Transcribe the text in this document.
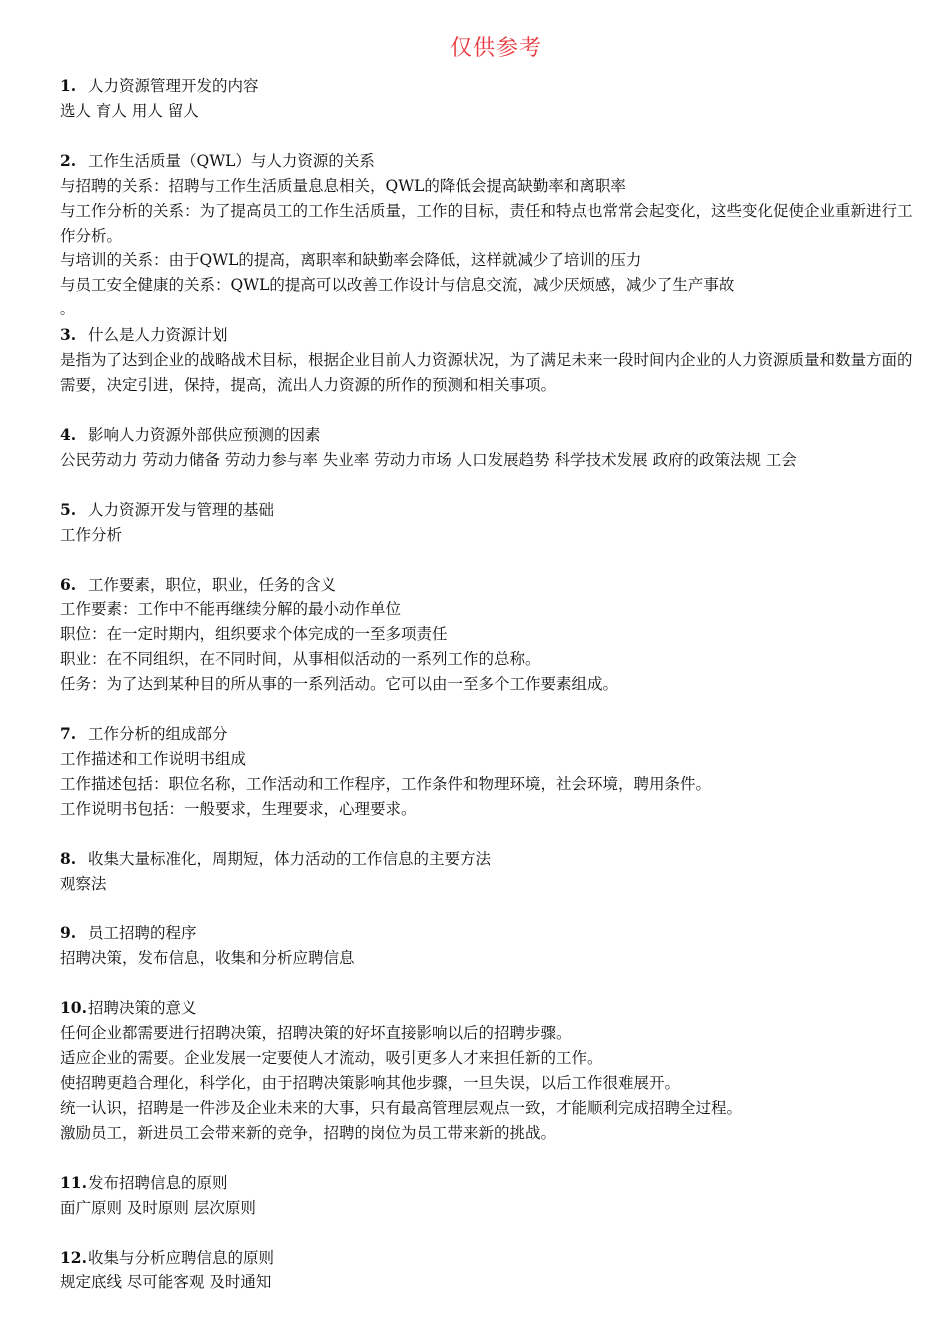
仅供参考
1. 人力资源管理开发的内容
选人 育人 用人 留人
2. 工作生活质量（QWL）与人力资源的关系
与招聘的关系：招聘与工作生活质量息息相关，QWL的降低会提高缺勤率和离职率
与工作分析的关系：为了提高员工的工作生活质量，工作的目标，责任和特点也常常会起变化，这些变化促使企业重新进行工作分析。
与培训的关系：由于QWL的提高，离职率和缺勤率会降低，这样就减少了培训的压力
与员工安全健康的关系：QWL的提高可以改善工作设计与信息交流，减少厌烦感，减少了生产事故
。
3. 什么是人力资源计划
是指为了达到企业的战略战术目标，根据企业目前人力资源状况，为了满足未来一段时间内企业的人力资源质量和数量方面的需要，决定引进，保持，提高，流出人力资源的所作的预测和相关事项。
4. 影响人力资源外部供应预测的因素
公民劳动力 劳动力储备 劳动力参与率 失业率 劳动力市场 人口发展趋势 科学技术发展 政府的政策法规 工会
5. 人力资源开发与管理的基础
工作分析
6. 工作要素，职位，职业，任务的含义
工作要素：工作中不能再继续分解的最小动作单位
职位：在一定时期内，组织要求个体完成的一至多项责任
职业：在不同组织，在不同时间，从事相似活动的一系列工作的总称。
任务：为了达到某种目的所从事的一系列活动。它可以由一至多个工作要素组成。
7. 工作分析的组成部分
工作描述和工作说明书组成
工作描述包括：职位名称，工作活动和工作程序，工作条件和物理环境，社会环境，聘用条件。
工作说明书包括：一般要求，生理要求，心理要求。
8. 收集大量标准化，周期短，体力活动的工作信息的主要方法
观察法
9. 员工招聘的程序
招聘决策，发布信息，收集和分析应聘信息
10.招聘决策的意义
任何企业都需要进行招聘决策，招聘决策的好坏直接影响以后的招聘步骤。
适应企业的需要。企业发展一定要使人才流动，吸引更多人才来担任新的工作。
使招聘更趋合理化，科学化，由于招聘决策影响其他步骤，一旦失误，以后工作很难展开。
统一认识，招聘是一件涉及企业未来的大事，只有最高管理层观点一致，才能顺利完成招聘全过程。
激励员工，新进员工会带来新的竞争，招聘的岗位为员工带来新的挑战。
11.发布招聘信息的原则
面广原则 及时原则 层次原则
12.收集与分析应聘信息的原则
规定底线 尽可能客观 及时通知
